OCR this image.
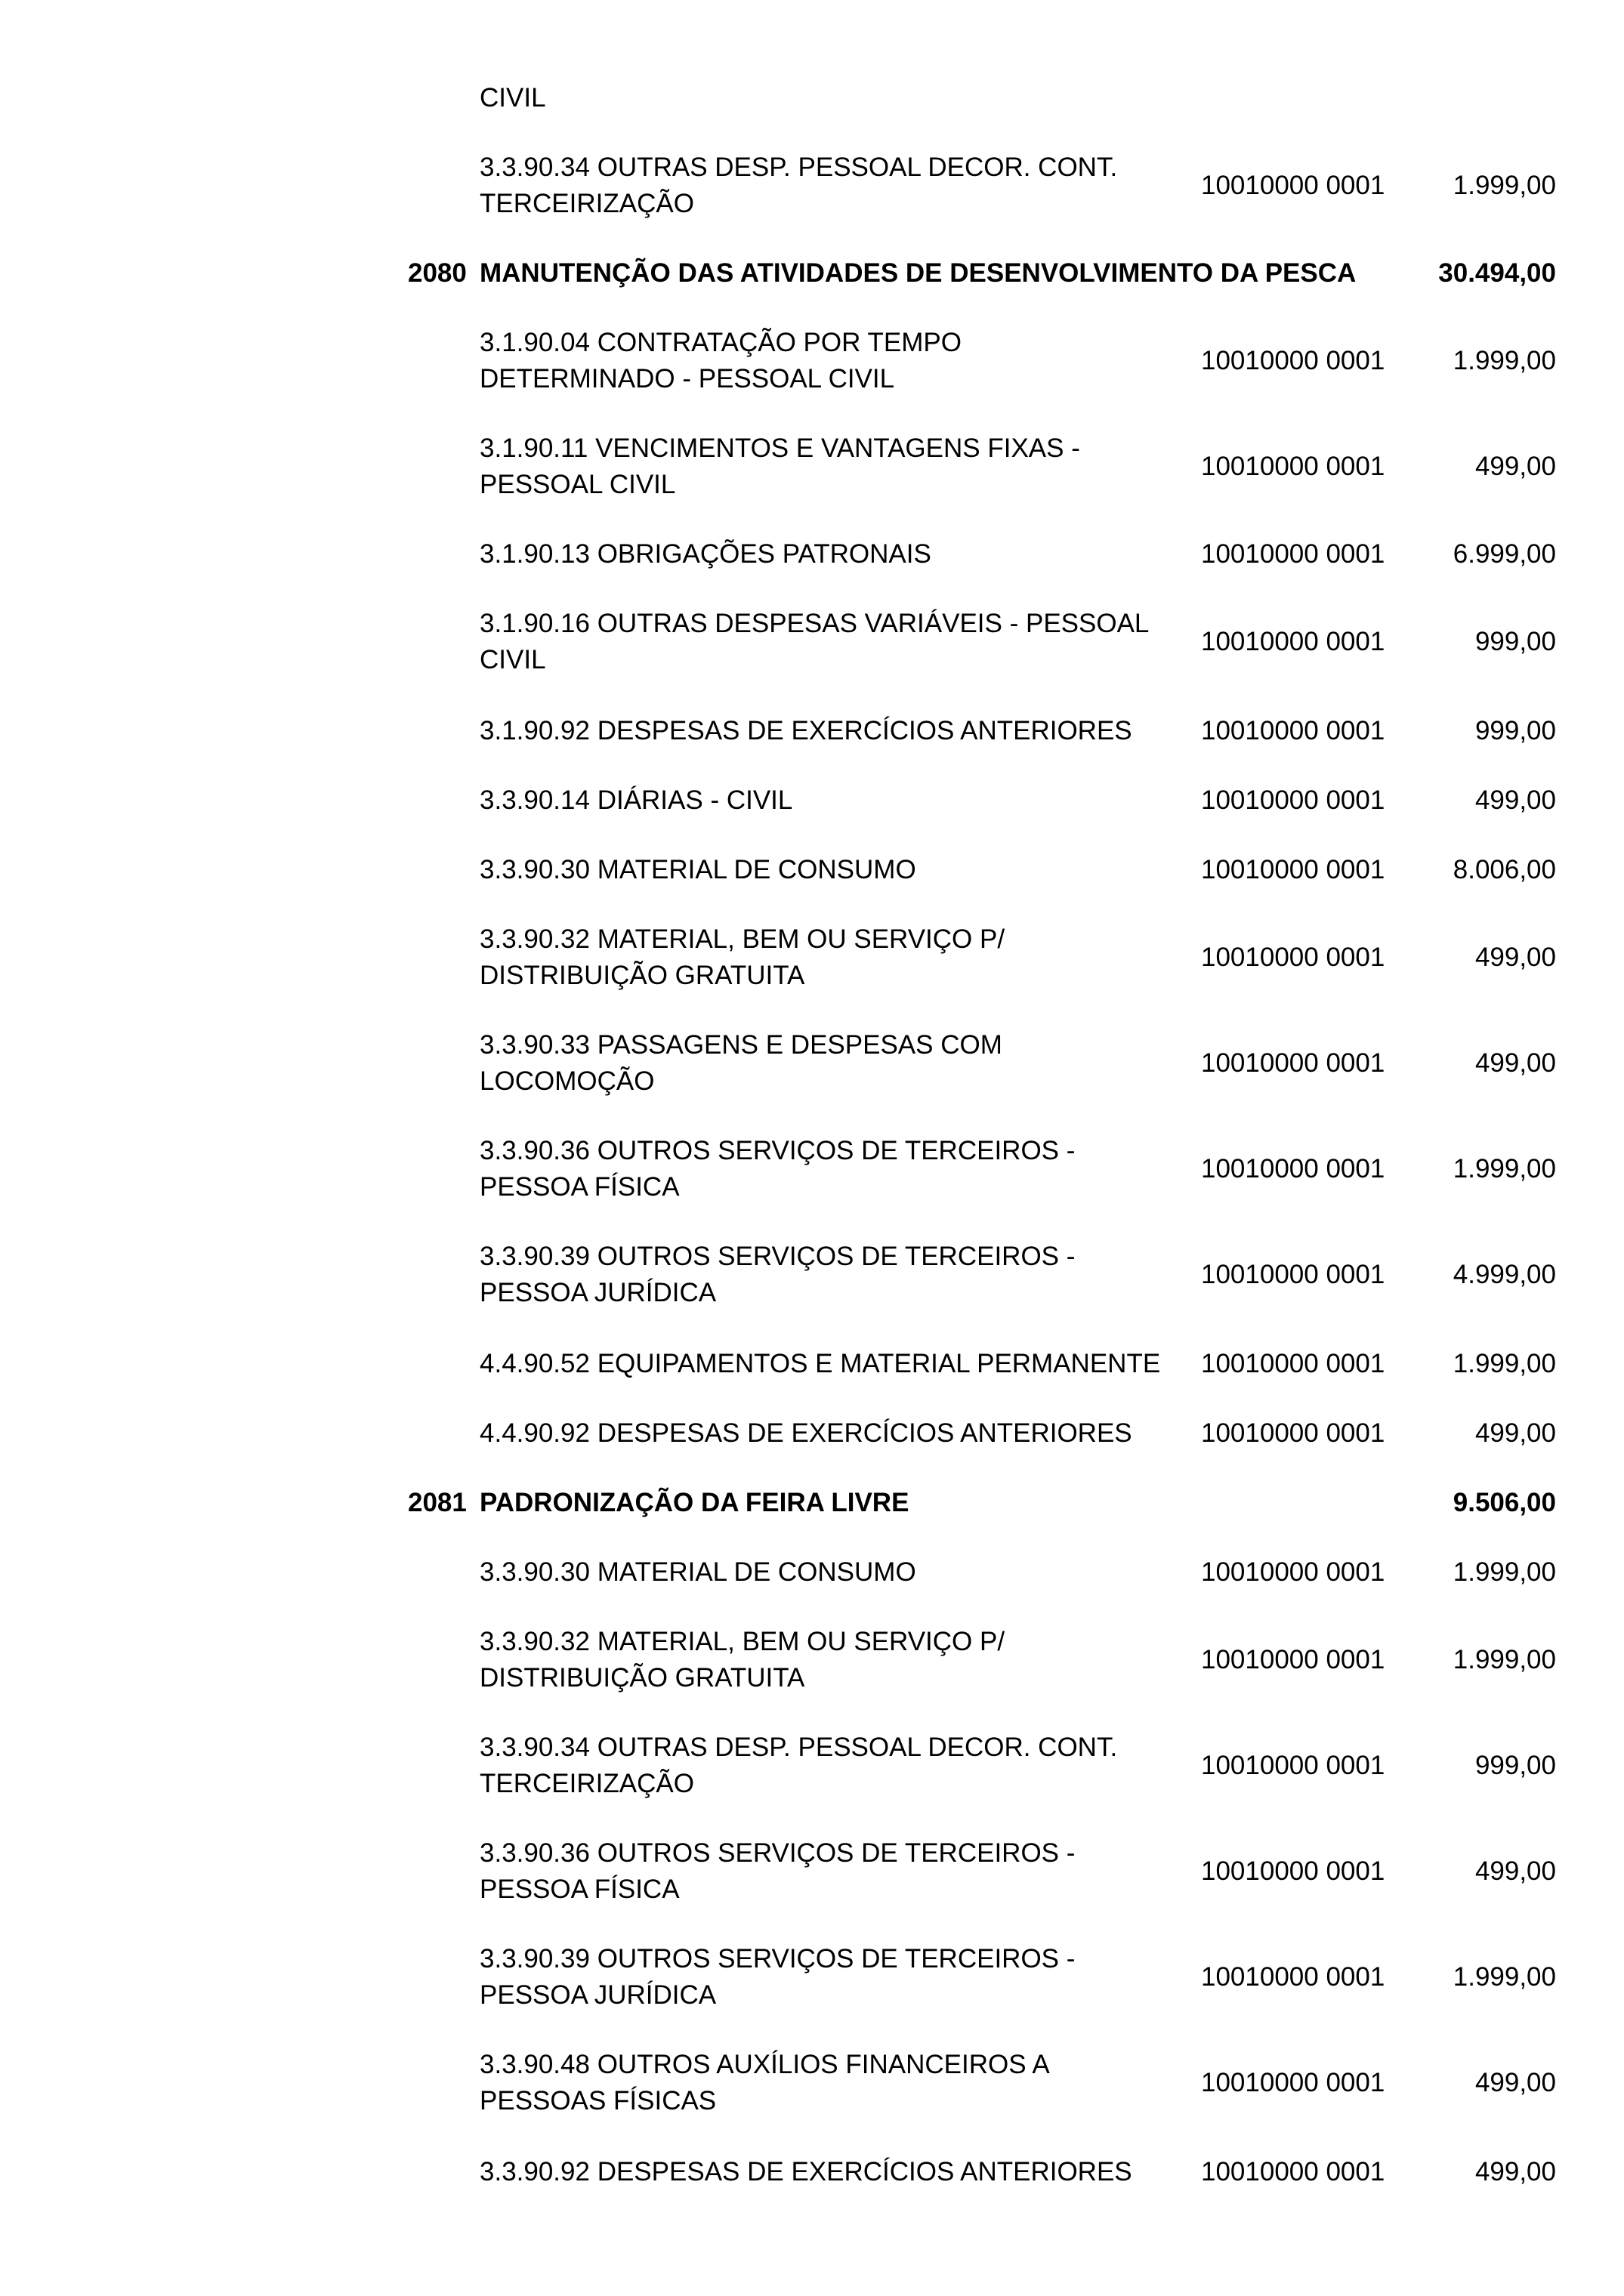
CIVIL
3.3.90.34 OUTRAS DESP. PESSOAL DECOR. CONT.
TERCEIRIZAÇÃO
10010000 0001	1.999,00
2080 MANUTENÇÃO DAS ATIVIDADES DE DESENVOLVIMENTO DA PESCA	30.494,00
3.1.90.04 CONTRATAÇÃO POR TEMPO
DETERMINADO - PESSOAL CIVIL
10010000 0001	1.999,00
3.1.90.11 VENCIMENTOS E VANTAGENS FIXAS -
PESSOAL CIVIL
10010000 0001	499,00
3.1.90.13 OBRIGAÇÕES PATRONAIS	10010000 0001	6.999,00
3.1.90.16 OUTRAS DESPESAS VARIÁVEIS - PESSOAL
CIVIL
10010000 0001	999,00
3.1.90.92 DESPESAS DE EXERCÍCIOS ANTERIORES	10010000 0001	999,00
3.3.90.14 DIÁRIAS - CIVIL	10010000 0001	499,00
3.3.90.30 MATERIAL DE CONSUMO	10010000 0001	8.006,00
3.3.90.32 MATERIAL, BEM OU SERVIÇO P/
DISTRIBUIÇÃO GRATUITA
10010000 0001	499,00
3.3.90.33 PASSAGENS E DESPESAS COM
LOCOMOÇÃO
10010000 0001	499,00
3.3.90.36 OUTROS SERVIÇOS DE TERCEIROS -
PESSOA FÍSICA
10010000 0001	1.999,00
3.3.90.39 OUTROS SERVIÇOS DE TERCEIROS -
PESSOA JURÍDICA
10010000 0001	4.999,00
4.4.90.52 EQUIPAMENTOS E MATERIAL PERMANENTE	10010000 0001	1.999,00
4.4.90.92 DESPESAS DE EXERCÍCIOS ANTERIORES	10010000 0001	499,00
2081 PADRONIZAÇÃO DA FEIRA LIVRE	9.506,00
3.3.90.30 MATERIAL DE CONSUMO	10010000 0001	1.999,00
3.3.90.32 MATERIAL, BEM OU SERVIÇO P/
DISTRIBUIÇÃO GRATUITA
10010000 0001	1.999,00
3.3.90.34 OUTRAS DESP. PESSOAL DECOR. CONT.
TERCEIRIZAÇÃO
10010000 0001	999,00
3.3.90.36 OUTROS SERVIÇOS DE TERCEIROS -
PESSOA FÍSICA
10010000 0001	499,00
3.3.90.39 OUTROS SERVIÇOS DE TERCEIROS -
PESSOA JURÍDICA
10010000 0001	1.999,00
3.3.90.48 OUTROS AUXÍLIOS FINANCEIROS A
PESSOAS FÍSICAS
10010000 0001	499,00
3.3.90.92 DESPESAS DE EXERCÍCIOS ANTERIORES	10010000 0001	499,00
